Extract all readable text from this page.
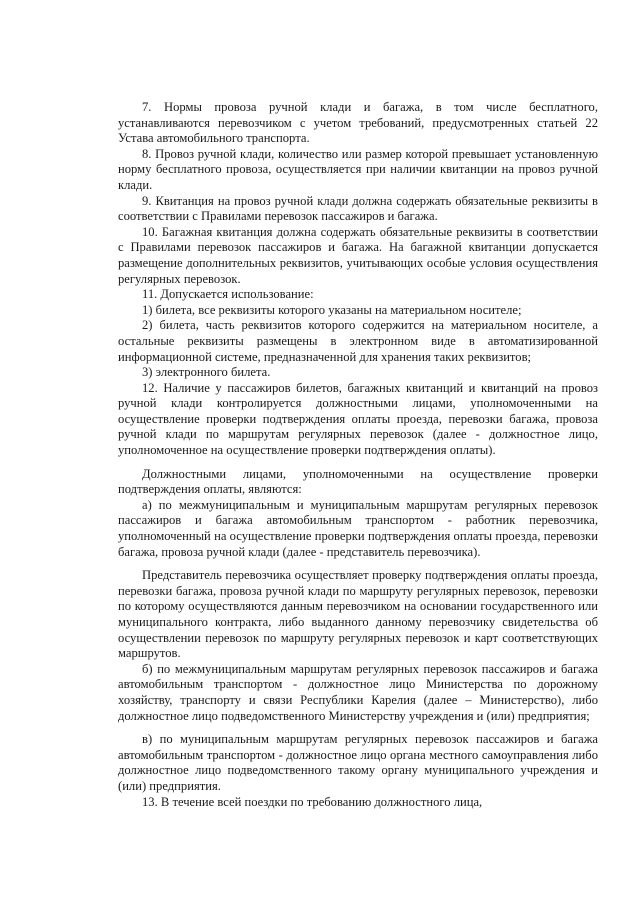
7. Нормы провоза ручной клади и багажа, в том числе бесплатного, устанавливаются перевозчиком с учетом требований, предусмотренных статьей 22 Устава автомобильного транспорта.

8. Провоз ручной клади, количество или размер которой превышает установленную норму бесплатного провоза, осуществляется при наличии квитанции на провоз ручной клади.

9. Квитанция на провоз ручной клади должна содержать обязательные реквизиты в соответствии с Правилами перевозок пассажиров и багажа.

10. Багажная квитанция должна содержать обязательные реквизиты в соответствии с Правилами перевозок пассажиров и багажа. На багажной квитанции допускается размещение дополнительных реквизитов, учитывающих особые условия осуществления регулярных перевозок.

11. Допускается использование:

1) билета, все реквизиты которого указаны на материальном носителе;

2) билета, часть реквизитов которого содержится на материальном носителе, а остальные реквизиты размещены в электронном виде в автоматизированной информационной системе, предназначенной для хранения таких реквизитов;

3) электронного билета.

12. Наличие у пассажиров билетов, багажных квитанций и квитанций на провоз ручной клади контролируется должностными лицами, уполномоченными на осуществление проверки подтверждения оплаты проезда, перевозки багажа, провоза ручной клади по маршрутам регулярных перевозок (далее - должностное лицо, уполномоченное на осуществление проверки подтверждения оплаты).

Должностными лицами, уполномоченными на осуществление проверки подтверждения оплаты, являются:

а) по межмуниципальным и муниципальным маршрутам регулярных перевозок пассажиров и багажа автомобильным транспортом - работник перевозчика, уполномоченный на осуществление проверки подтверждения оплаты проезда, перевозки багажа, провоза ручной клади (далее - представитель перевозчика).

Представитель перевозчика осуществляет проверку подтверждения оплаты проезда, перевозки багажа, провоза ручной клади по маршруту регулярных перевозок, перевозки по которому осуществляются данным перевозчиком на основании государственного или муниципального контракта, либо выданного данному перевозчику свидетельства об осуществлении перевозок по маршруту регулярных перевозок и карт соответствующих маршрутов.

б) по межмуниципальным маршрутам регулярных перевозок пассажиров и багажа автомобильным транспортом - должностное лицо Министерства по дорожному хозяйству, транспорту и связи Республики Карелия (далее – Министерство), либо должностное лицо подведомственного Министерству учреждения и (или) предприятия;

в) по муниципальным маршрутам регулярных перевозок пассажиров и багажа автомобильным транспортом - должностное лицо органа местного самоуправления либо должностное лицо подведомственного такому органу муниципального учреждения и (или) предприятия.

13. В течение всей поездки по требованию должностного лица,
